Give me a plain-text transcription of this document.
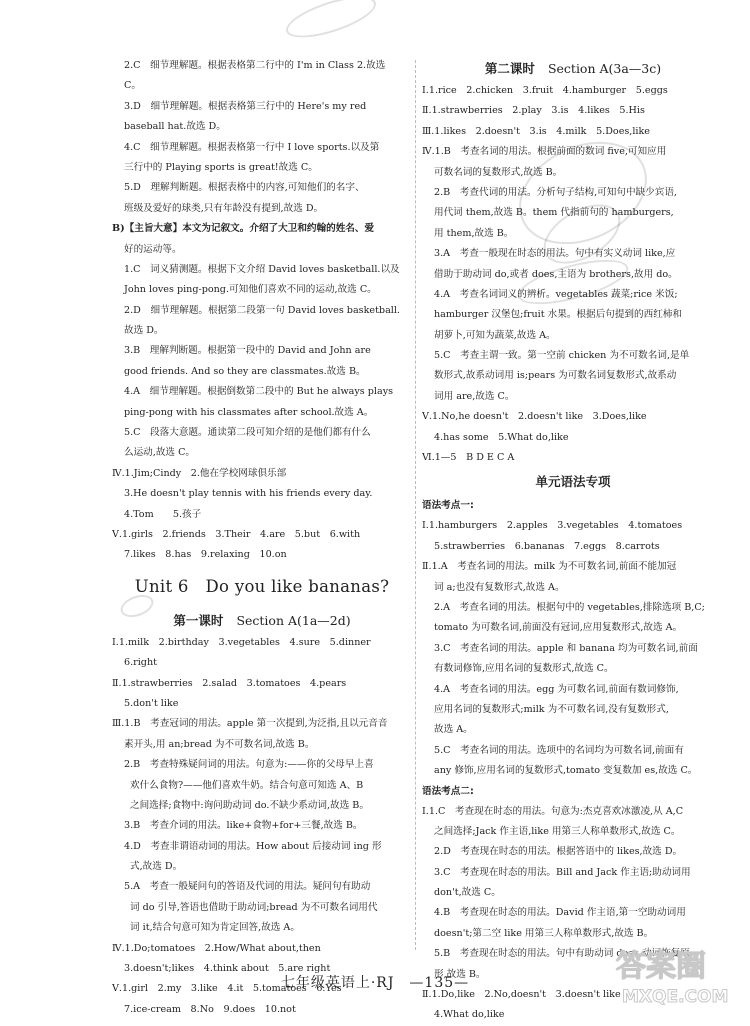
2.C　细节理解题。根据表格第二行中的 I'm in Class 2.故选
C。
3.D　细节理解题。根据表格第三行中的 Here's my red
baseball hat.故选 D。
4.C　细节理解题。根据表格第一行中 I love sports.以及第
三行中的 Playing sports is great!故选 C。
5.D　理解判断题。根据表格中的内容,可知他们的名字、
班级及爱好的球类,只有年龄没有提到,故选 D。
B)【主旨大意】本文为记叙文。介绍了大卫和约翰的姓名、爱
好的运动等。
1.C　词义猜测题。根据下文介绍 David loves basketball.以及
John loves ping-pong.可知他们喜欢不同的运动,故选 C。
2.D　细节理解题。根据第二段第一句 David loves basketball.
故选 D。
3.B　理解判断题。根据第一段中的 David and John are
good friends. And so they are classmates.故选 B。
4.A　细节理解题。根据倒数第二段中的 But he always plays
ping-pong with his classmates after school.故选 A。
5.C　段落大意题。通读第二段可知介绍的是他们都有什么
么运动,故选 C。
Ⅳ.1.Jim;Cindy　2.他在学校网球俱乐部
3.He doesn't play tennis with his friends every day.
4.Tom　　5.孩子
Ⅴ.1.girls　2.friends　3.Their　4.are　5.but　6.with
7.likes　8.has　9.relaxing　10.on
Unit 6　Do you like bananas?
第一课时 Section A(1a—2d)
Ⅰ.1.milk　2.birthday　3.vegetables　4.sure　5.dinner
6.right
Ⅱ.1.strawberries　2.salad　3.tomatoes　4.pears
5.don't like
Ⅲ.1.B　考查冠词的用法。apple 第一次提到,为泛指,且以元音音
素开头,用 an;bread 为不可数名词,故选 B。
2.B　考查特殊疑问词的用法。句意为:——你的父母早上喜
欢什么食物?——他们喜欢牛奶。结合句意可知选 A、B
之间选择;食物中:询问助动词 do.不缺少系动词,故选 B。
3.B　考查介词的用法。like+食物+for+三餐,故选 B。
4.D　考查非谓语动词的用法。How about 后接动词 ing 形
式,故选 D。
5.A　考查一般疑问句的答语及代词的用法。疑问句有助动
词 do 引导,答语也借助于助动词;bread 为不可数名词用代
词 it,结合句意可知为肯定回答,故选 A。
Ⅳ.1.Do;tomatoes　2.How/What about,then
3.doesn't;likes　4.think about　5.are right
Ⅴ.1.girl　2.my　3.like　4.it　5.tomatoes　6.Yes
7.ice-cream　8.No　9.does　10.not
第二课时 Section A(3a—3c)
Ⅰ.1.rice　2.chicken　3.fruit　4.hamburger　5.eggs
Ⅱ.1.strawberries　2.play　3.is　4.likes　5.His
Ⅲ.1.likes　2.doesn't　3.is　4.milk　5.Does,like
Ⅳ.1.B　考查名词的用法。根据前面的数词 five,可知应用
可数名词的复数形式,故选 B。
2.B　考查代词的用法。分析句子结构,可知句中缺少宾语,
用代词 them,故选 B。them 代指前句的 hamburgers,
用 them,故选 B。
3.A　考查一般现在时态的用法。句中有实义动词 like,应
借助于助动词 do,或者 does,主语为 brothers,故用 do。
4.A　考查名词词义的辨析。vegetables 蔬菜;rice 米饭;
hamburger 汉堡包;fruit 水果。根据后句提到的西红柿和
胡萝卜,可知为蔬菜,故选 A。
5.C　考查主谓一致。第一空前 chicken 为不可数名词,是单
数形式,故系动词用 is;pears 为可数名词复数形式,故系动
词用 are,故选 C。
Ⅴ.1.No,he doesn't　2.doesn't like　3.Does,like
4.has some　5.What do,like
Ⅵ.1—5　B D E C A
单元语法专项
语法考点一:
Ⅰ.1.hamburgers　2.apples　3.vegetables　4.tomatoes
5.strawberries　6.bananas　7.eggs　8.carrots
Ⅱ.1.A　考查名词的用法。milk 为不可数名词,前面不能加冠
词 a;也没有复数形式,故选 A。
2.A　考查名词的用法。根据句中的 vegetables,排除选项 B,C;
tomato 为可数名词,前面没有冠词,应用复数形式,故选 A。
3.C　考查名词的用法。apple 和 banana 均为可数名词,前面
有数词修饰,应用名词的复数形式,故选 C。
4.A　考查名词的用法。egg 为可数名词,前面有数词修饰,
应用名词的复数形式;milk 为不可数名词,没有复数形式,
故选 A。
5.C　考查名词的用法。选项中的名词均为可数名词,前面有
any 修饰,应用名词的复数形式,tomato 变复数加 es,故选 C。
语法考点二:
Ⅰ.1.C　考查现在时态的用法。句意为:杰克喜欢冰激凌,从 A,C
之间选择;Jack 作主语,like 用第三人称单数形式,故选 C。
2.D　考查现在时态的用法。根据答语中的 likes,故选 D。
3.C　考查现在时态的用法。Bill and Jack 作主语;助动词用
don't,故选 C。
4.B　考查现在时态的用法。David 作主语,第一空助动词用
doesn't;第二空 like 用第三人称单数形式,故选 B。
5.B　考查现在时态的用法。句中有助动词 does,动词恢复原
形,故选 B。
Ⅱ.1.Do,like　2.No,doesn't　3.doesn't like
4.What do,like
七年级英语上·RJ　—135—	答案圈
MXQE.COM
